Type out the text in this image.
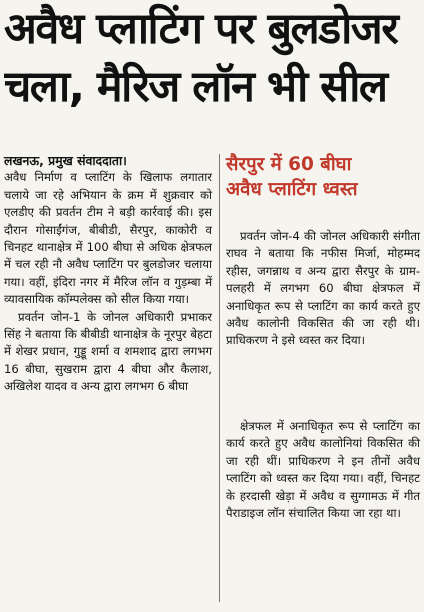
अवैध प्लाटिंग पर बुलडोजर
चला, मैरिज लॉन भी सील
लखनऊ, प्रमुख संवाददाता।

अवैध निर्माण व प्लाटिंग के खिलाफ लगातार चलाये जा रहे अभियान के क्रम में शुक्रवार को एलडीए की प्रवर्तन टीम ने बड़ी कार्रवाई की। इस दौरान गोसाईंगंज, बीबीडी, सैरपुर, काकोरी व चिनहट थानाक्षेत्र में 100 बीघा से अधिक क्षेत्रफल में चल रही नौ अवैध प्लाटिंग पर बुलडोजर चलाया गया। वहीं, इंदिरा नगर में मैरिज लॉन व गुड़म्बा में व्यावसायिक कॉम्पलेक्स को सील किया गया।

प्रवर्तन जोन-1 के जोनल अधिकारी प्रभाकर सिंह ने बताया कि बीबीडी थानाक्षेत्र के नूरपुर बेहटा में शेखर प्रधान, गुड्डू शर्मा व शमशाद द्वारा लगभग 16 बीघा, सुखराम द्वारा 4 बीघा और कैलाश, अखिलेश यादव व अन्य द्वारा लगभग 6 बीघा

सैरपुर में 60 बीघा
अवैध प्लाटिंग ध्वस्त

प्रवर्तन जोन-4 की जोनल अधिकारी संगीता राघव ने बताया कि नफीस मिर्जा, मोहम्मद रहीस, जगन्नाथ व अन्य द्वारा सैरपुर के ग्राम-पलहरी में लगभग 60 बीघा क्षेत्रफल में अनाधिकृत रूप से प्लाटिंग का कार्य करते हुए अवैध कालोनी विकसित की जा रही थी। प्राधिकरण ने इसे ध्वस्त कर दिया।

क्षेत्रफल में अनाधिकृत रूप से प्लाटिंग का कार्य करते हुए अवैध कालोनियां विकसित की जा रही थीं। प्राधिकरण ने इन तीनों अवैध प्लाटिंग को ध्वस्त कर दिया गया। वहीं, चिनहट के हरदासी खेड़ा में अवैध व सुग्गामऊ में गीत पैराडाइज लॉन संचालित किया जा रहा था।
